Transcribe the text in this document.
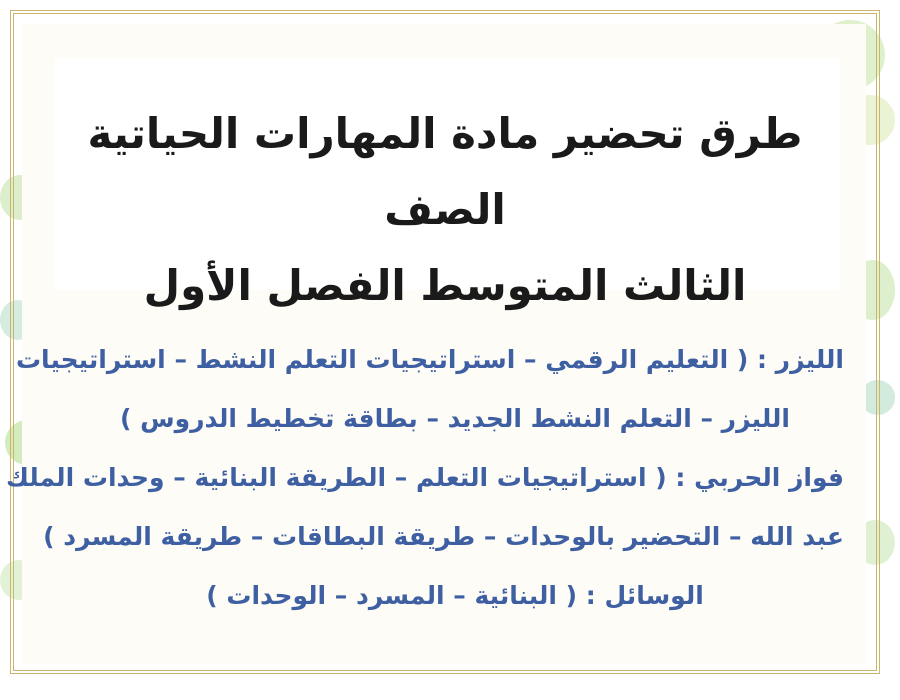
طرق تحضير مادة المهارات الحياتية الصف
الثالث المتوسط الفصل الأول
الليزر : ( التعليم الرقمي – استراتيجيات التعلم النشط – استراتيجيات
الليزر – التعلم النشط الجديد – بطاقة تخطيط الدروس )
فواز الحربي : ( استراتيجيات التعلم – الطريقة البنائية – وحدات الملك
عبد الله – التحضير بالوحدات – طريقة البطاقات – طريقة المسرد )
الوسائل : ( البنائية – المسرد – الوحدات )
